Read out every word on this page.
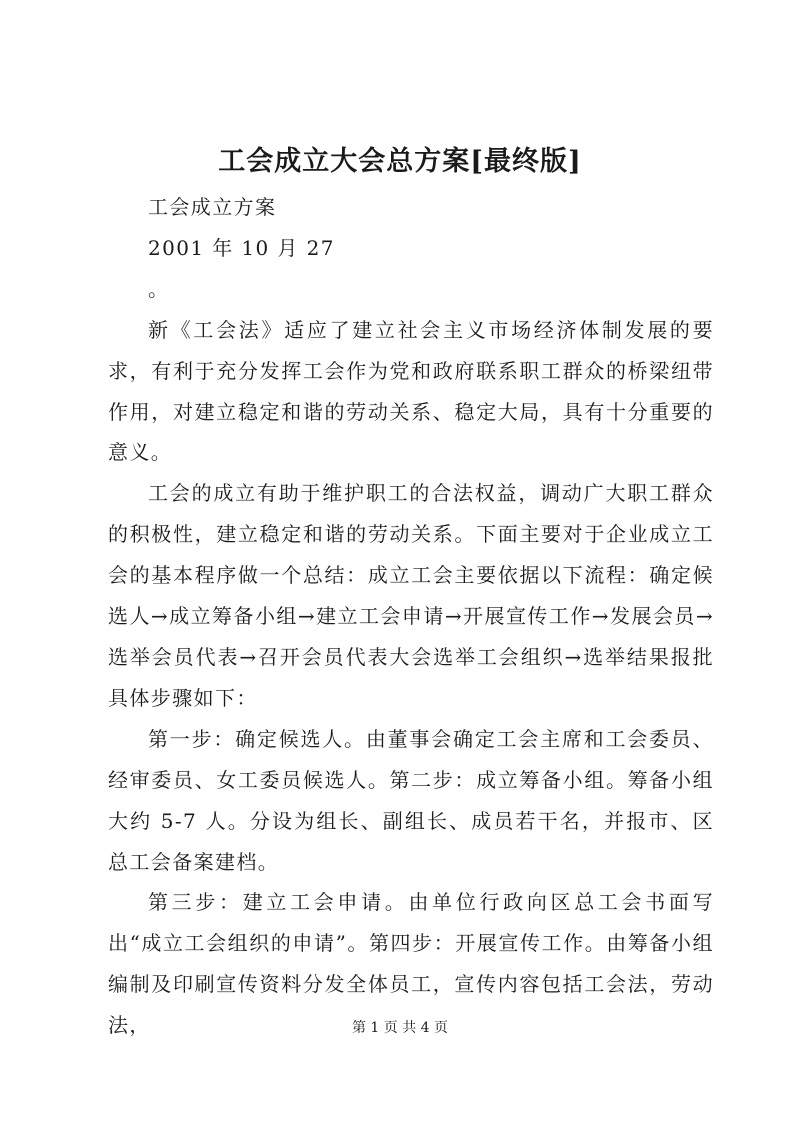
工会成立大会总方案[最终版]

工会成立方案

2001 年 10 月 27

。

新《工会法》适应了建立社会主义市场经济体制发展的要求，有利于充分发挥工会作为党和政府联系职工群众的桥梁纽带作用，对建立稳定和谐的劳动关系、稳定大局，具有十分重要的意义。

工会的成立有助于维护职工的合法权益，调动广大职工群众的积极性，建立稳定和谐的劳动关系。下面主要对于企业成立工会的基本程序做一个总结：成立工会主要依据以下流程：确定候选人→成立筹备小组→建立工会申请→开展宣传工作→发展会员→选举会员代表→召开会员代表大会选举工会组织→选举结果报批具体步骤如下：

第一步：确定候选人。由董事会确定工会主席和工会委员、经审委员、女工委员候选人。第二步：成立筹备小组。筹备小组大约 5-7 人。分设为组长、副组长、成员若干名，并报市、区总工会备案建档。

第三步：建立工会申请。由单位行政向区总工会书面写出“成立工会组织的申请”。第四步：开展宣传工作。由筹备小组编制及印刷宣传资料分发全体员工，宣传内容包括工会法，劳动法，	第 1 页 共 4 页
